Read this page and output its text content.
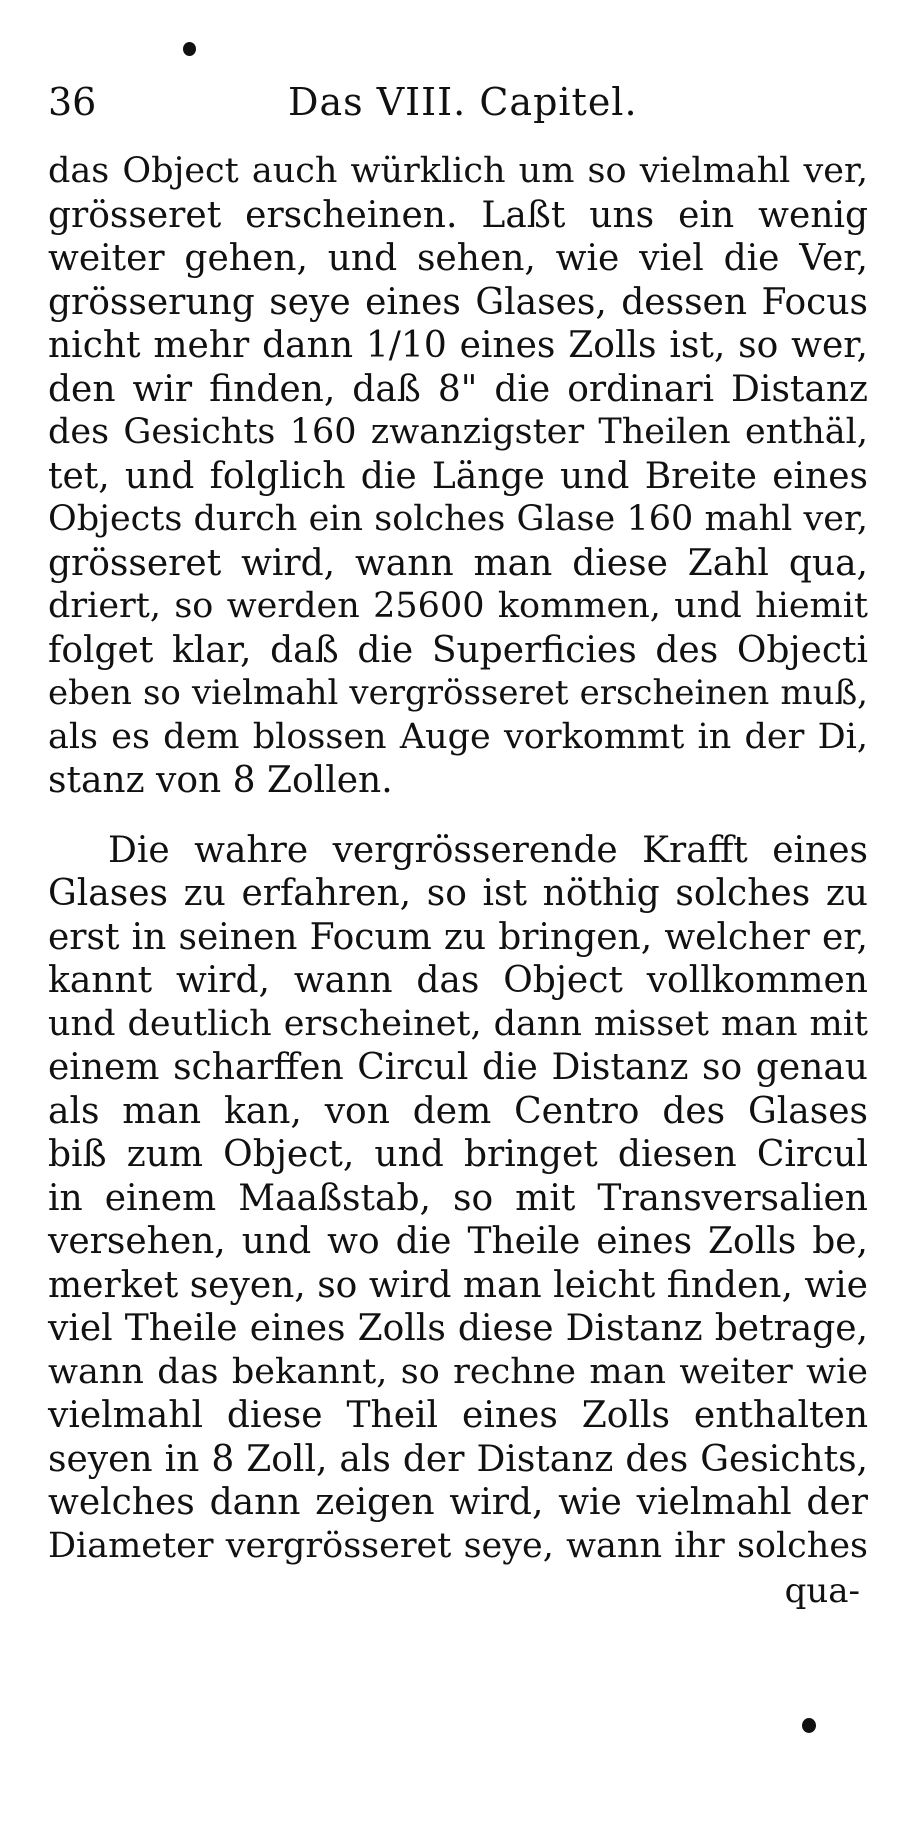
36	Das VIII. Capitel.
das Object auch würklich um so vielmahl ver,
grösseret erscheinen. Laßt uns ein wenig
weiter gehen, und sehen, wie viel die Ver,
grösserung seye eines Glases, dessen Focus
nicht mehr dann 1/10 eines Zolls ist, so wer,
den wir finden, daß 8" die ordinari Distanz
des Gesichts 160 zwanzigster Theilen enthäl,
tet, und folglich die Länge und Breite eines
Objects durch ein solches Glase 160 mahl ver,
grösseret wird, wann man diese Zahl qua,
driert, so werden 25600 kommen, und hiemit
folget klar, daß die Superficies des Objecti
eben so vielmahl vergrösseret erscheinen muß,
als es dem blossen Auge vorkommt in der Di,
stanz von 8 Zollen.
Die wahre vergrösserende Krafft eines
Glases zu erfahren, so ist nöthig solches zu
erst in seinen Focum zu bringen, welcher er,
kannt wird, wann das Object vollkommen
und deutlich erscheinet, dann misset man mit
einem scharffen Circul die Distanz so genau
als man kan, von dem Centro des Glases
biß zum Object, und bringet diesen Circul
in einem Maaßstab, so mit Transversalien
versehen, und wo die Theile eines Zolls be,
merket seyen, so wird man leicht finden, wie
viel Theile eines Zolls diese Distanz betrage,
wann das bekannt, so rechne man weiter wie
vielmahl diese Theil eines Zolls enthalten
seyen in 8 Zoll, als der Distanz des Gesichts,
welches dann zeigen wird, wie vielmahl der
Diameter vergrösseret seye, wann ihr solches
qua-
